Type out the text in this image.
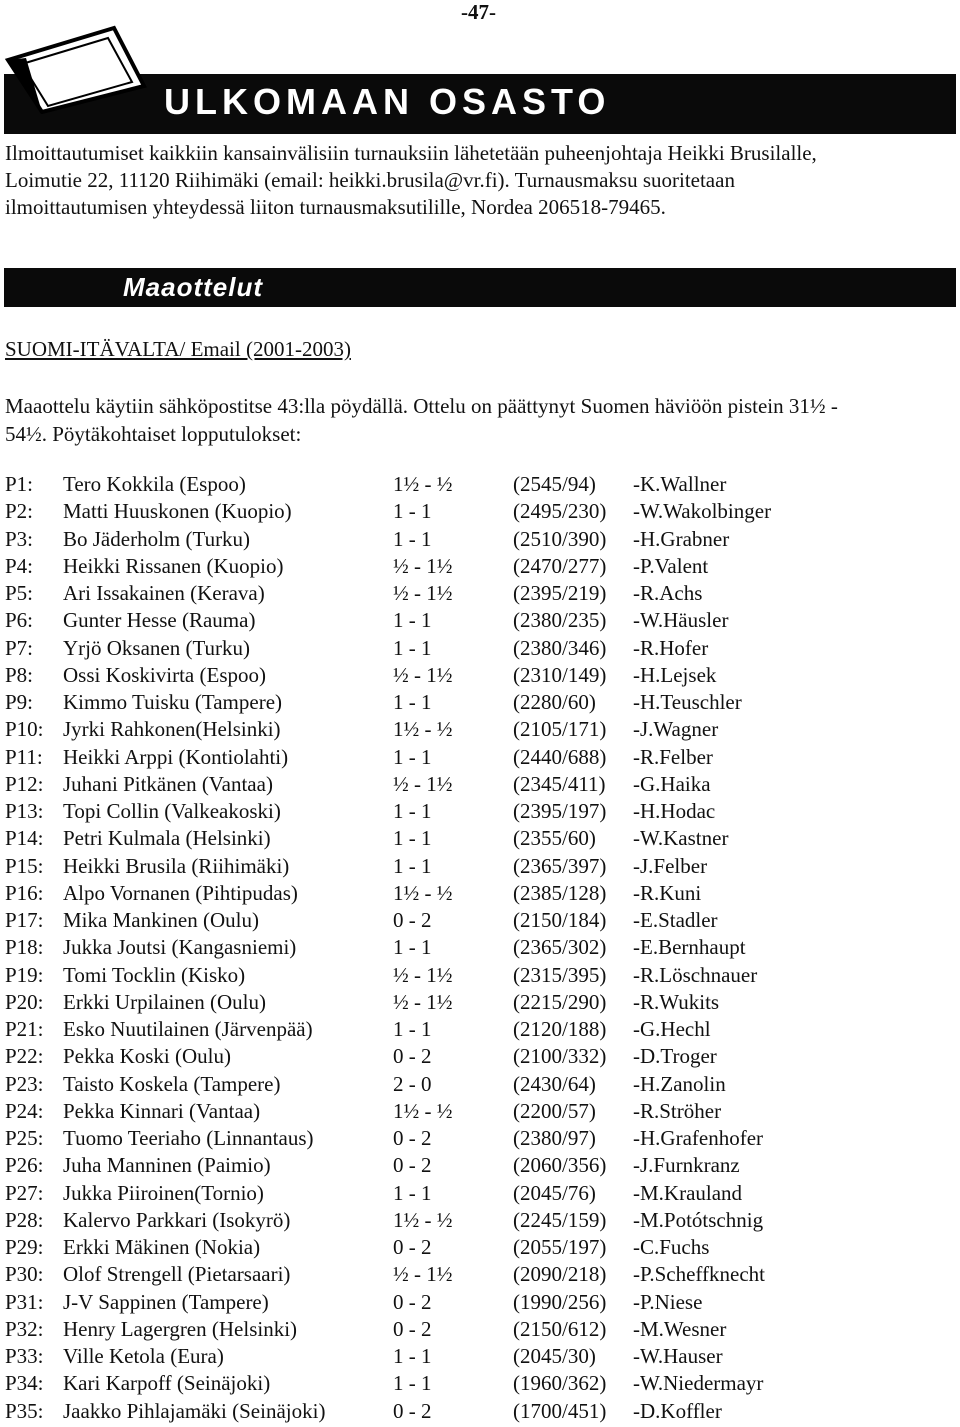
-47-
ULKOMAAN OSASTO
Ilmoittautumiset kaikkiin kansainvälisiin turnauksiin lähetetään puheenjohtaja Heikki Brusilalle,
Loimutie 22, 11120 Riihimäki (email: heikki.brusila@vr.fi). Turnausmaksu suoritetaan
ilmoittautumisen yhteydessä liiton turnausmaksutilille, Nordea 206518-79465.
Maaottelut
SUOMI-ITÄVALTA/ Email (2001-2003)
Maaottelu käytiin sähköpostitse 43:lla pöydällä. Ottelu on päättynyt Suomen häviöön pistein 31½ -
54½. Pöytäkohtaiset lopputulokset:
P1:	Tero Kokkila (Espoo)	1½ - ½	(2545/94)	-K.Wallner
P2:	Matti Huuskonen (Kuopio)	1 - 1	(2495/230)	-W.Wakolbinger
P3:	Bo Jäderholm (Turku)	1 - 1	(2510/390)	-H.Grabner
P4:	Heikki Rissanen (Kuopio)	½ - 1½	(2470/277)	-P.Valent
P5:	Ari Issakainen (Kerava)	½ - 1½	(2395/219)	-R.Achs
P6:	Gunter Hesse (Rauma)	1 - 1	(2380/235)	-W.Häusler
P7:	Yrjö Oksanen (Turku)	1 - 1	(2380/346)	-R.Hofer
P8:	Ossi Koskivirta (Espoo)	½ - 1½	(2310/149)	-H.Lejsek
P9:	Kimmo Tuisku (Tampere)	1 - 1	(2280/60)	-H.Teuschler
P10:	Jyrki Rahkonen(Helsinki)	1½ - ½	(2105/171)	-J.Wagner
P11:	Heikki Arppi (Kontiolahti)	1 - 1	(2440/688)	-R.Felber
P12:	Juhani Pitkänen (Vantaa)	½ - 1½	(2345/411)	-G.Haika
P13:	Topi Collin (Valkeakoski)	1 - 1	(2395/197)	-H.Hodac
P14:	Petri Kulmala (Helsinki)	1 - 1	(2355/60)	-W.Kastner
P15:	Heikki Brusila (Riihimäki)	1 - 1	(2365/397)	-J.Felber
P16:	Alpo Vornanen (Pihtipudas)	1½ - ½	(2385/128)	-R.Kuni
P17:	Mika Mankinen (Oulu)	0 - 2	(2150/184)	-E.Stadler
P18:	Jukka Joutsi (Kangasniemi)	1 - 1	(2365/302)	-E.Bernhaupt
P19:	Tomi Tocklin (Kisko)	½ - 1½	(2315/395)	-R.Löschnauer
P20:	Erkki Urpilainen (Oulu)	½ - 1½	(2215/290)	-R.Wukits
P21:	Esko Nuutilainen (Järvenpää)	1 - 1	(2120/188)	-G.Hechl
P22:	Pekka Koski (Oulu)	0 - 2	(2100/332)	-D.Troger
P23:	Taisto Koskela (Tampere)	2 - 0	(2430/64)	-H.Zanolin
P24:	Pekka Kinnari (Vantaa)	1½ - ½	(2200/57)	-R.Ströher
P25:	Tuomo Teeriaho (Linnantaus)	0 - 2	(2380/97)	-H.Grafenhofer
P26:	Juha Manninen (Paimio)	0 - 2	(2060/356)	-J.Furnkranz
P27:	Jukka Piiroinen(Tornio)	1 - 1	(2045/76)	-M.Krauland
P28:	Kalervo Parkkari (Isokyrö)	1½ - ½	(2245/159)	-M.Potótschnig
P29:	Erkki Mäkinen (Nokia)	0 - 2	(2055/197)	-C.Fuchs
P30:	Olof Strengell (Pietarsaari)	½ - 1½	(2090/218)	-P.Scheffknecht
P31:	J-V Sappinen (Tampere)	0 - 2	(1990/256)	-P.Niese
P32:	Henry Lagergren (Helsinki)	0 - 2	(2150/612)	-M.Wesner
P33:	Ville Ketola (Eura)	1 - 1	(2045/30)	-W.Hauser
P34:	Kari Karpoff (Seinäjoki)	1 - 1	(1960/362)	-W.Niedermayr
P35:	Jaakko Pihlajamäki (Seinäjoki)	0 - 2	(1700/451)	-D.Koffler
